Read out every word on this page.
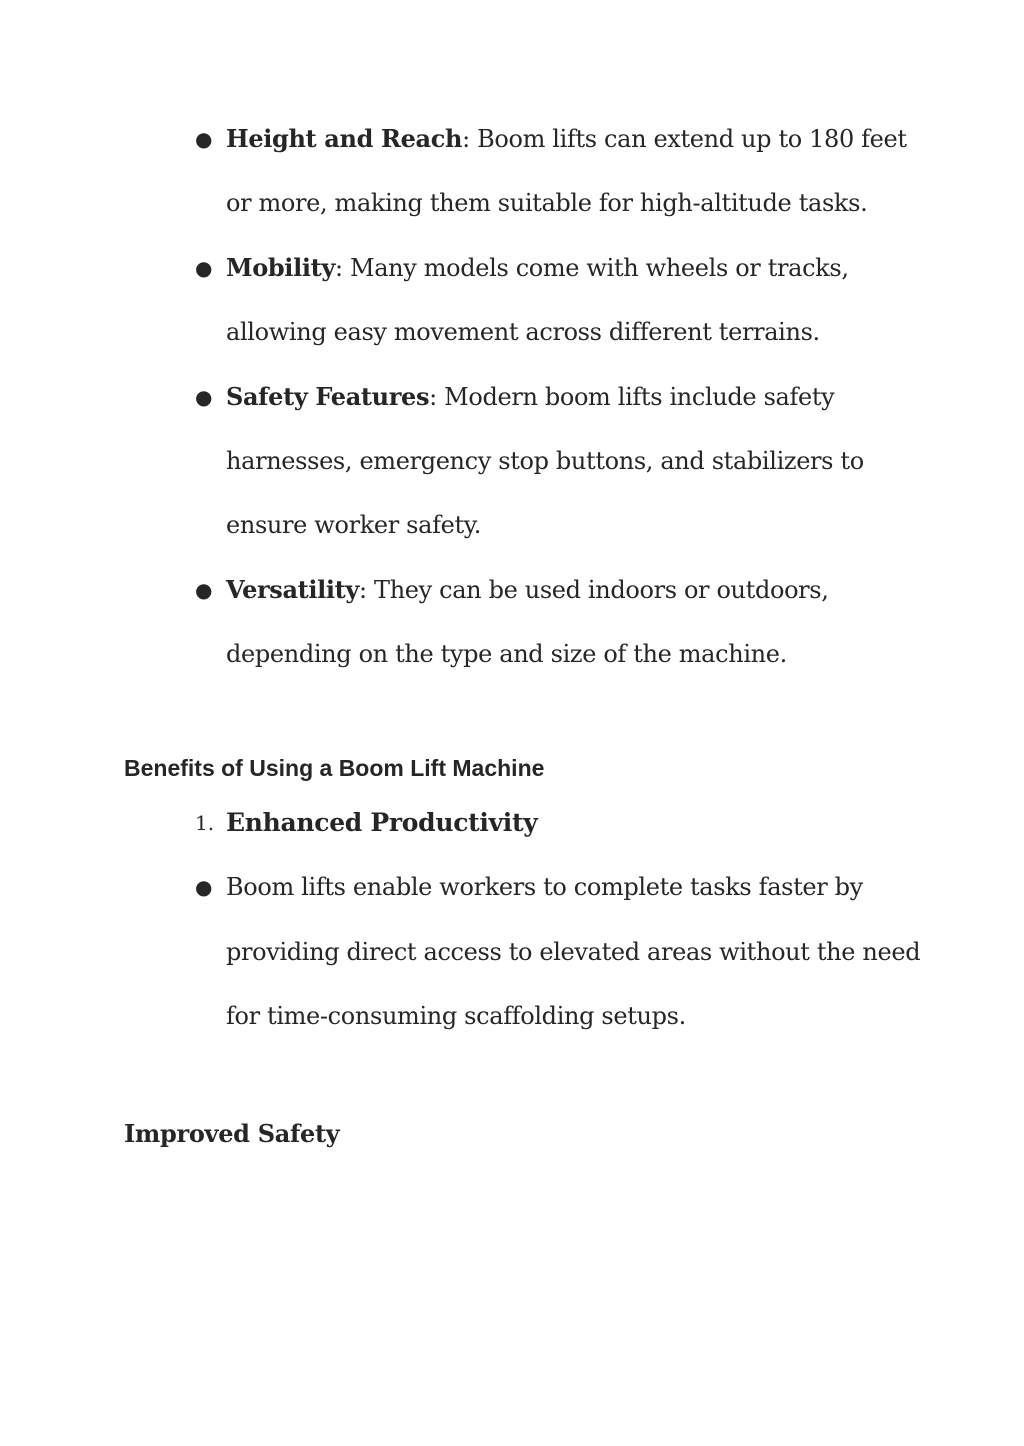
● Height and Reach: Boom lifts can extend up to 180 feet
or more, making them suitable for high-altitude tasks.
● Mobility: Many models come with wheels or tracks,
allowing easy movement across different terrains.
● Safety Features: Modern boom lifts include safety
harnesses, emergency stop buttons, and stabilizers to
ensure worker safety.
● Versatility: They can be used indoors or outdoors,
depending on the type and size of the machine.
Benefits of Using a Boom Lift Machine
1. Enhanced Productivity
● Boom lifts enable workers to complete tasks faster by
providing direct access to elevated areas without the need
for time-consuming scaffolding setups.
Improved Safety
